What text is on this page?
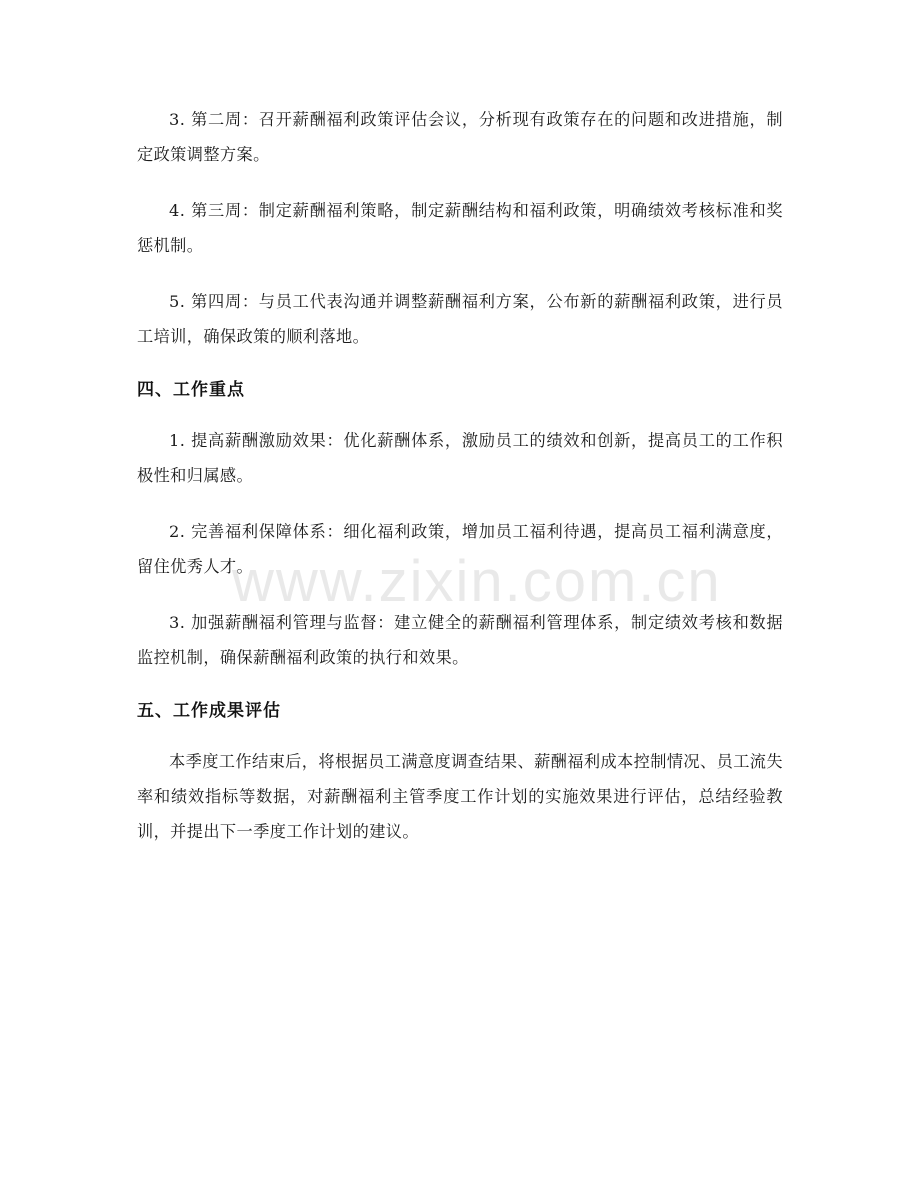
3. 第二周：召开薪酬福利政策评估会议，分析现有政策存在的问题和改进措施，制定政策调整方案。

4. 第三周：制定薪酬福利策略，制定薪酬结构和福利政策，明确绩效考核标准和奖惩机制。

5. 第四周：与员工代表沟通并调整薪酬福利方案，公布新的薪酬福利政策，进行员工培训，确保政策的顺利落地。

四、工作重点

1. 提高薪酬激励效果：优化薪酬体系，激励员工的绩效和创新，提高员工的工作积极性和归属感。

2. 完善福利保障体系：细化福利政策，增加员工福利待遇，提高员工福利满意度，留住优秀人才。

3. 加强薪酬福利管理与监督：建立健全的薪酬福利管理体系，制定绩效考核和数据监控机制，确保薪酬福利政策的执行和效果。

五、工作成果评估

本季度工作结束后，将根据员工满意度调查结果、薪酬福利成本控制情况、员工流失率和绩效指标等数据，对薪酬福利主管季度工作计划的实施效果进行评估，总结经验教训，并提出下一季度工作计划的建议。

www.zixin.com.cn
